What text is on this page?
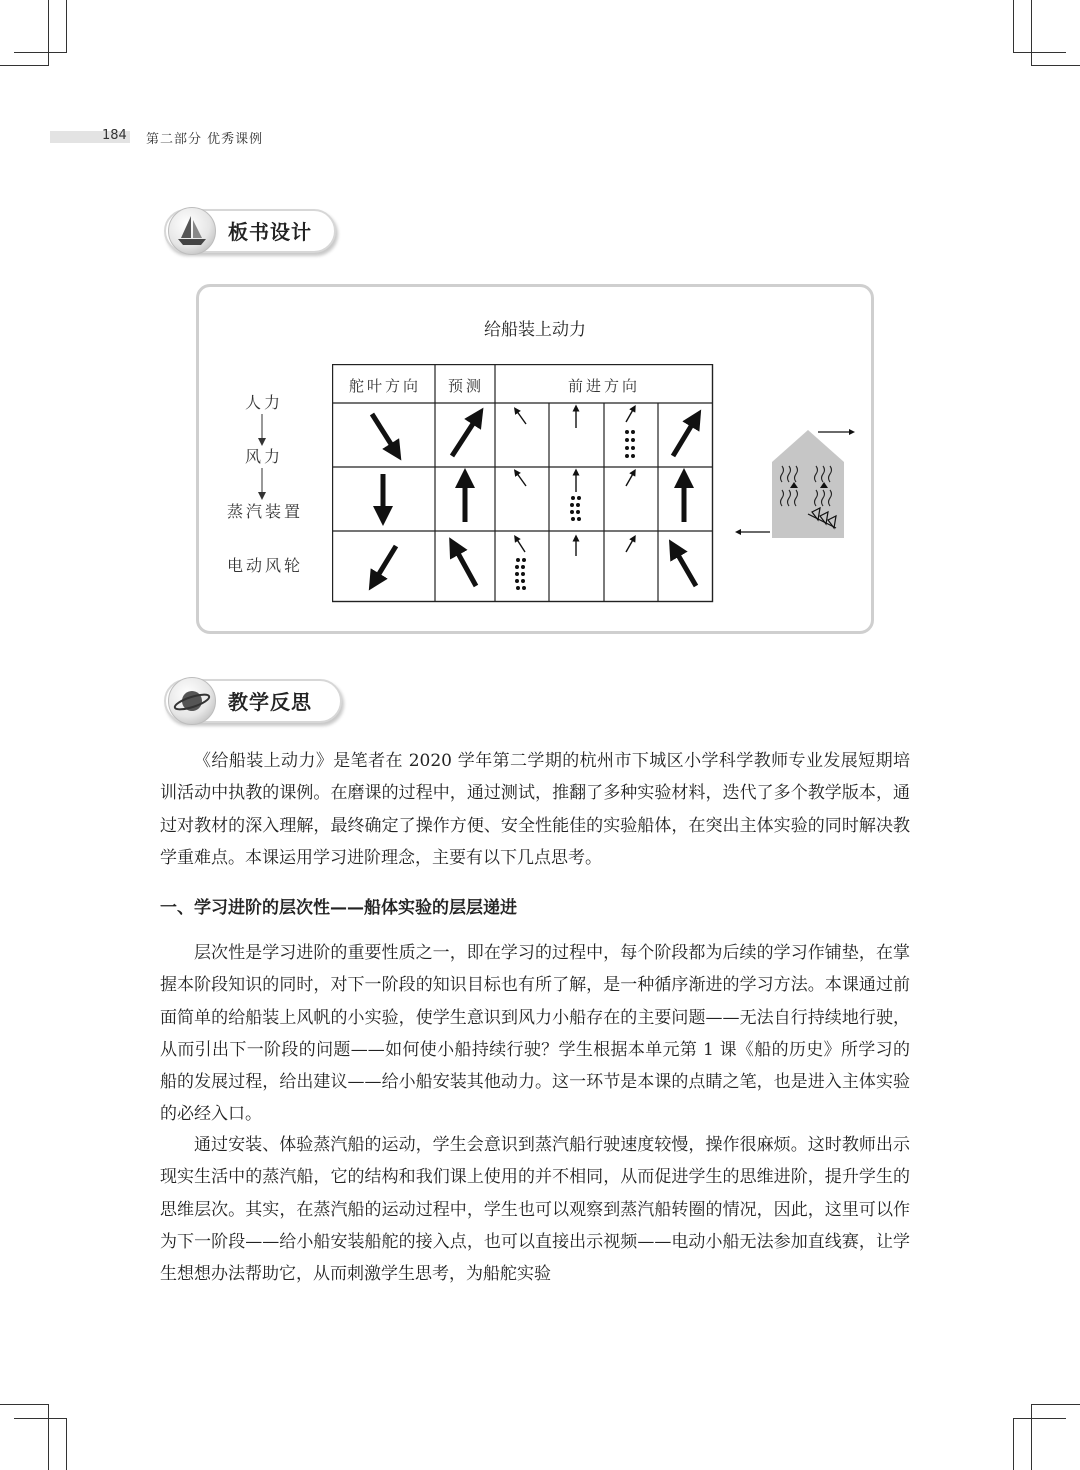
184 第二部分 优秀课例
板书设计
给船装上动力
人力
风力
蒸汽装置
电动风轮
舵叶方向	预测	前进方向
教学反思

《给船装上动力》是笔者在 2020 学年第二学期的杭州市下城区小学科学教师专业发展短期培训活动中执教的课例。在磨课的过程中，通过测试，推翻了多种实验材料，迭代了多个教学版本，通过对教材的深入理解，最终确定了操作方便、安全性能佳的实验船体，在突出主体实验的同时解决教学重难点。本课运用学习进阶理念，主要有以下几点思考。

一、学习进阶的层次性——船体实验的层层递进

层次性是学习进阶的重要性质之一，即在学习的过程中，每个阶段都为后续的学习作铺垫，在掌握本阶段知识的同时，对下一阶段的知识目标也有所了解，是一种循序渐进的学习方法。本课通过前面简单的给船装上风帆的小实验，使学生意识到风力小船存在的主要问题——无法自行持续地行驶，从而引出下一阶段的问题——如何使小船持续行驶？学生根据本单元第 1 课《船的历史》所学习的船的发展过程，给出建议——给小船安装其他动力。这一环节是本课的点睛之笔，也是进入主体实验的必经入口。

通过安装、体验蒸汽船的运动，学生会意识到蒸汽船行驶速度较慢，操作很麻烦。这时教师出示现实生活中的蒸汽船，它的结构和我们课上使用的并不相同，从而促进学生的思维进阶，提升学生的思维层次。其实，在蒸汽船的运动过程中，学生也可以观察到蒸汽船转圈的情况，因此，这里可以作为下一阶段——给小船安装船舵的接入点，也可以直接出示视频——电动小船无法参加直线赛，让学生想想办法帮助它，从而刺激学生思考，为船舵实验
